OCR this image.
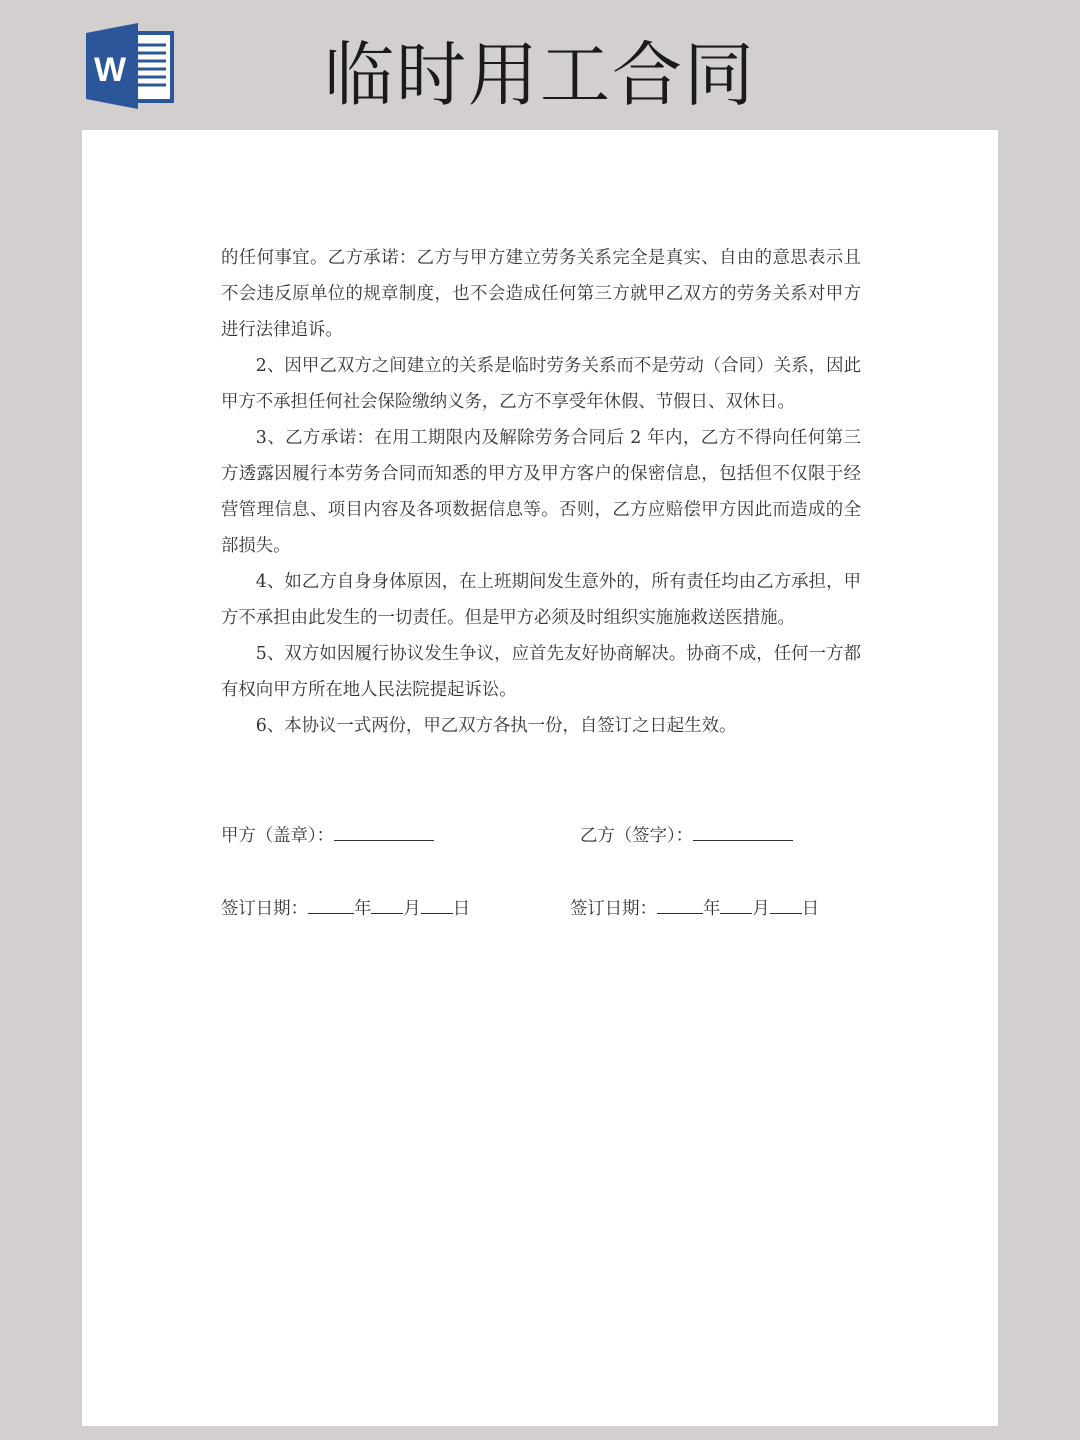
W	临时用工合同

的任何事宜。乙方承诺：乙方与甲方建立劳务关系完全是真实、自由的意思表示且不会违反原单位的规章制度，也不会造成任何第三方就甲乙双方的劳务关系对甲方进行法律追诉。

2、因甲乙双方之间建立的关系是临时劳务关系而不是劳动（合同）关系，因此甲方不承担任何社会保险缴纳义务，乙方不享受年休假、节假日、双休日。

3、乙方承诺：在用工期限内及解除劳务合同后 2 年内，乙方不得向任何第三方透露因履行本劳务合同而知悉的甲方及甲方客户的保密信息，包括但不仅限于经营管理信息、项目内容及各项数据信息等。否则，乙方应赔偿甲方因此而造成的全部损失。

4、如乙方自身身体原因，在上班期间发生意外的，所有责任均由乙方承担，甲方不承担由此发生的一切责任。但是甲方必须及时组织实施施救送医措施。

5、双方如因履行协议发生争议，应首先友好协商解决。协商不成，任何一方都有权向甲方所在地人民法院提起诉讼。

6、本协议一式两份，甲乙双方各执一份，自签订之日起生效。

甲方（盖章）：	乙方（签字）：
签订日期：	年 月 日	签订日期：	年 月 日
